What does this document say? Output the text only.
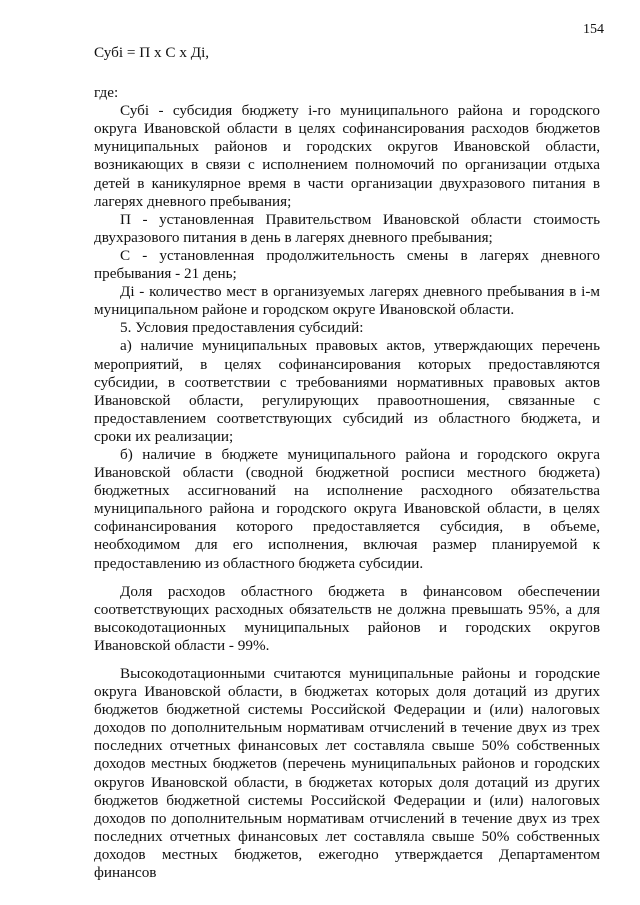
154

Субі = П х С х Ді,

где:

Субі - субсидия бюджету і-го муниципального района и городского округа Ивановской области в целях софинансирования расходов бюджетов муниципальных районов и городских округов Ивановской области, возникающих в связи с исполнением полномочий по организации отдыха детей в каникулярное время в части организации двухразового питания в лагерях дневного пребывания;

П - установленная Правительством Ивановской области стоимость двухразового питания в день в лагерях дневного пребывания;

С - установленная продолжительность смены в лагерях дневного пребывания - 21 день;

Ді - количество мест в организуемых лагерях дневного пребывания в і-м муниципальном районе и городском округе Ивановской области.

5. Условия предоставления субсидий:

а) наличие муниципальных правовых актов, утверждающих перечень мероприятий, в целях софинансирования которых предоставляются субсидии, в соответствии с требованиями нормативных правовых актов Ивановской области, регулирующих правоотношения, связанные с предоставлением соответствующих субсидий из областного бюджета, и сроки их реализации;

б) наличие в бюджете муниципального района и городского округа Ивановской области (сводной бюджетной росписи местного бюджета) бюджетных ассигнований на исполнение расходного обязательства муниципального района и городского округа Ивановской области, в целях софинансирования которого предоставляется субсидия, в объеме, необходимом для его исполнения, включая размер планируемой к предоставлению из областного бюджета субсидии.

Доля расходов областного бюджета в финансовом обеспечении соответствующих расходных обязательств не должна превышать 95%, а для высокодотационных муниципальных районов и городских округов Ивановской области - 99%.

Высокодотационными считаются муниципальные районы и городские округа Ивановской области, в бюджетах которых доля дотаций из других бюджетов бюджетной системы Российской Федерации и (или) налоговых доходов по дополнительным нормативам отчислений в течение двух из трех последних отчетных финансовых лет составляла свыше 50% собственных доходов местных бюджетов (перечень муниципальных районов и городских округов Ивановской области, в бюджетах которых доля дотаций из других бюджетов бюджетной системы Российской Федерации и (или) налоговых доходов по дополнительным нормативам отчислений в течение двух из трех последних отчетных финансовых лет составляла свыше 50% собственных доходов местных бюджетов, ежегодно утверждается Департаментом финансов
